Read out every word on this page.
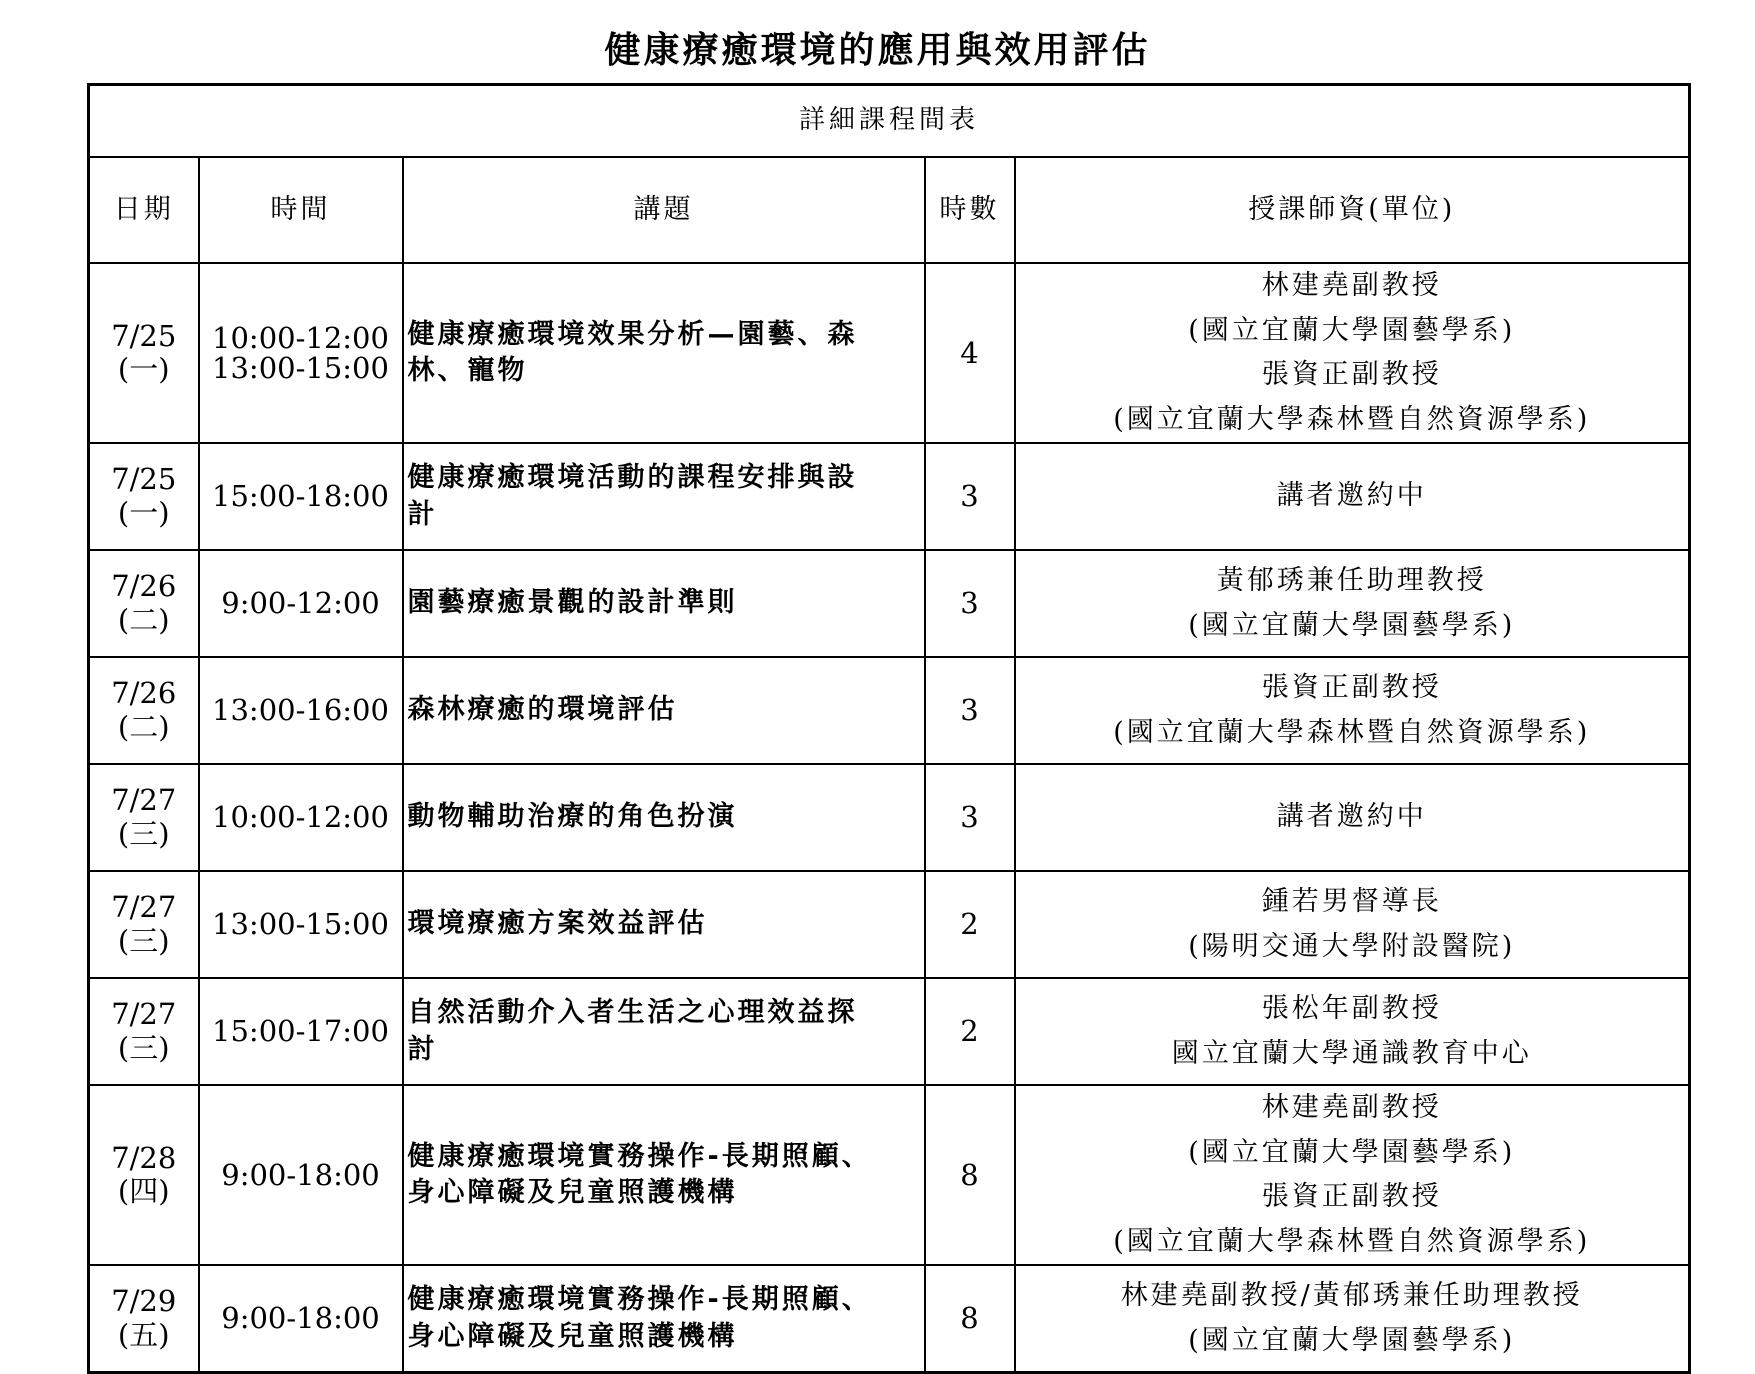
健康療癒環境的應用與效用評估
詳細課程間表				
日期	時間	講題	時數	授課師資(單位)

7/25
(一)	10:00-12:00
13:00-15:00	健康療癒環境效果分析—園藝、森
林、寵物	4	林建堯副教授
(國立宜蘭大學園藝學系)
張資正副教授
(國立宜蘭大學森林暨自然資源學系)

7/25
(一)	15:00-18:00	健康療癒環境活動的課程安排與設
計	3	講者邀約中

7/26
(二)	9:00-12:00	園藝療癒景觀的設計準則	3	黃郁琇兼任助理教授
(國立宜蘭大學園藝學系)

7/26
(二)	13:00-16:00	森林療癒的環境評估	3	張資正副教授
(國立宜蘭大學森林暨自然資源學系)

7/27
(三)	10:00-12:00	動物輔助治療的角色扮演	3	講者邀約中

7/27
(三)	13:00-15:00	環境療癒方案效益評估	2	鍾若男督導長
(陽明交通大學附設醫院)

7/27
(三)	15:00-17:00	自然活動介入者生活之心理效益探
討	2	張松年副教授
國立宜蘭大學通識教育中心

7/28
(四)	9:00-18:00	健康療癒環境實務操作-長期照顧、
身心障礙及兒童照護機構	8	林建堯副教授
(國立宜蘭大學園藝學系)
張資正副教授
(國立宜蘭大學森林暨自然資源學系)

7/29
(五)	9:00-18:00	健康療癒環境實務操作-長期照顧、
身心障礙及兒童照護機構	8	林建堯副教授/黃郁琇兼任助理教授
(國立宜蘭大學園藝學系)
